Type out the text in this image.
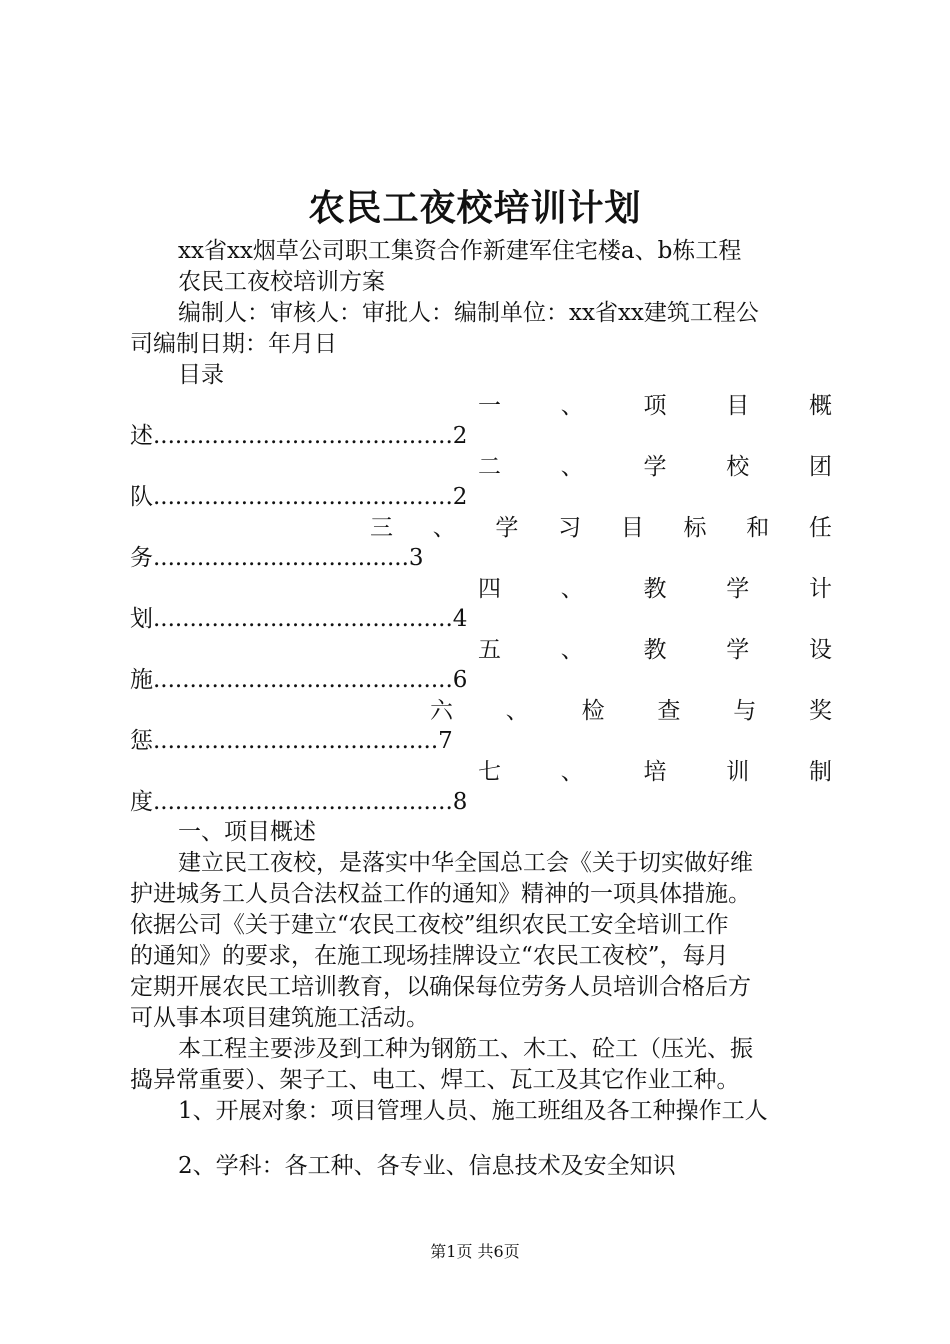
农民工夜校培训计划
xx省xx烟草公司职工集资合作新建军住宅楼a、b栋工程
农民工夜校培训方案
编制人：审核人：审批人：编制单位：xx省xx建筑工程公
司编制日期：年月日
目录
一	、	项	目	概
述.........................................2
二	、	学	校	团
队.........................................2
三 、 学 习 目 标 和 任
务...................................3
四	、	教	学	计
划.........................................4
五	、	教	学	设
施.........................................6
六 、 检 查 与 奖
惩.......................................7
七	、	培	训	制
度.........................................8
一、项目概述
建立民工夜校，是落实中华全国总工会《关于切实做好维
护进城务工人员合法权益工作的通知》精神的一项具体措施。
依据公司《关于建立“农民工夜校”组织农民工安全培训工作
的通知》的要求，在施工现场挂牌设立“农民工夜校”，每月
定期开展农民工培训教育，以确保每位劳务人员培训合格后方
可从事本项目建筑施工活动。
本工程主要涉及到工种为钢筋工、木工、砼工（压光、振
捣异常重要）、架子工、电工、焊工、瓦工及其它作业工种。
1、开展对象：项目管理人员、施工班组及各工种操作工人
2、学科：各工种、各专业、信息技术及安全知识
第1页 共6页
